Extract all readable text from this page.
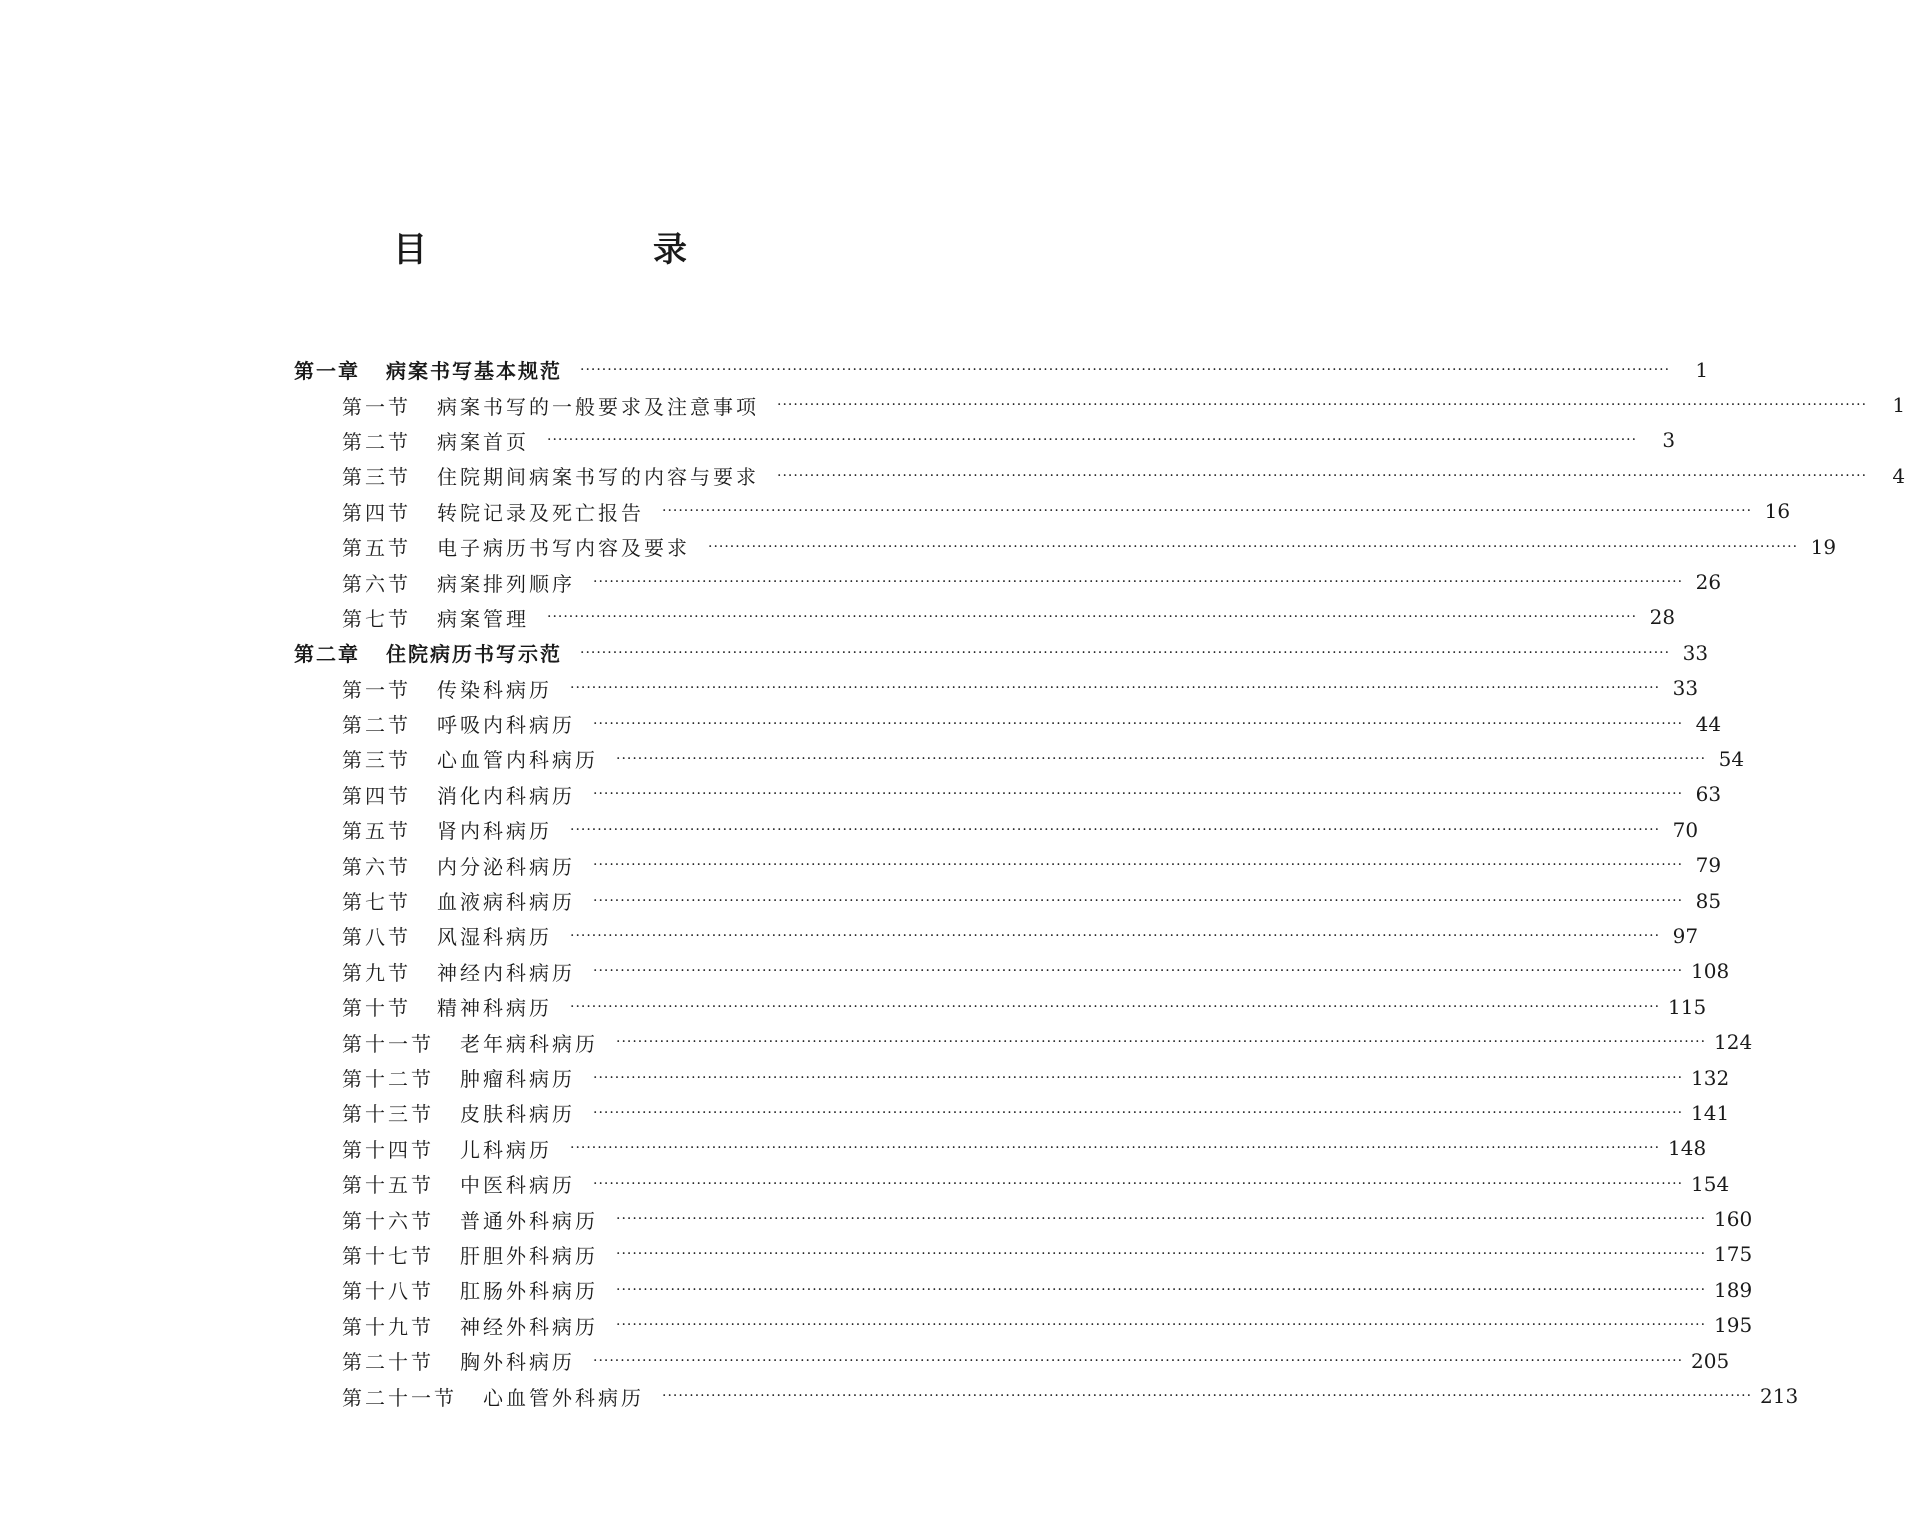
目　录
第一章 病案书写基本规范 ········································································································································································································	1
第一节 病案书写的一般要求及注意事项 ········································································································································································································	1
第二节 病案首页 ········································································································································································································	3
第三节 住院期间病案书写的内容与要求 ········································································································································································································	4
第四节 转院记录及死亡报告 ········································································································································································································ 16
第五节 电子病历书写内容及要求 ········································································································································································································ 19
第六节 病案排列顺序 ········································································································································································································ 26
第七节 病案管理 ········································································································································································································ 28
第二章 住院病历书写示范 ········································································································································································································ 33
第一节 传染科病历 ········································································································································································································ 33
第二节 呼吸内科病历 ········································································································································································································ 44
第三节 心血管内科病历 ········································································································································································································ 54
第四节 消化内科病历 ········································································································································································································ 63
第五节 肾内科病历 ········································································································································································································ 70
第六节 内分泌科病历 ········································································································································································································ 79
第七节 血液病科病历 ········································································································································································································ 85
第八节 风湿科病历 ········································································································································································································ 97
第九节 神经内科病历 ········································································································································································································ 108
第十节 精神科病历 ········································································································································································································ 115
第十一节 老年病科病历 ········································································································································································································ 124
第十二节 肿瘤科病历 ········································································································································································································ 132
第十三节 皮肤科病历 ········································································································································································································ 141
第十四节 儿科病历 ········································································································································································································ 148
第十五节 中医科病历 ········································································································································································································ 154
第十六节 普通外科病历 ········································································································································································································ 160
第十七节 肝胆外科病历 ········································································································································································································ 175
第十八节 肛肠外科病历 ········································································································································································································ 189
第十九节 神经外科病历 ········································································································································································································ 195
第二十节 胸外科病历 ········································································································································································································ 205
第二十一节 心血管外科病历 ········································································································································································································ 213
